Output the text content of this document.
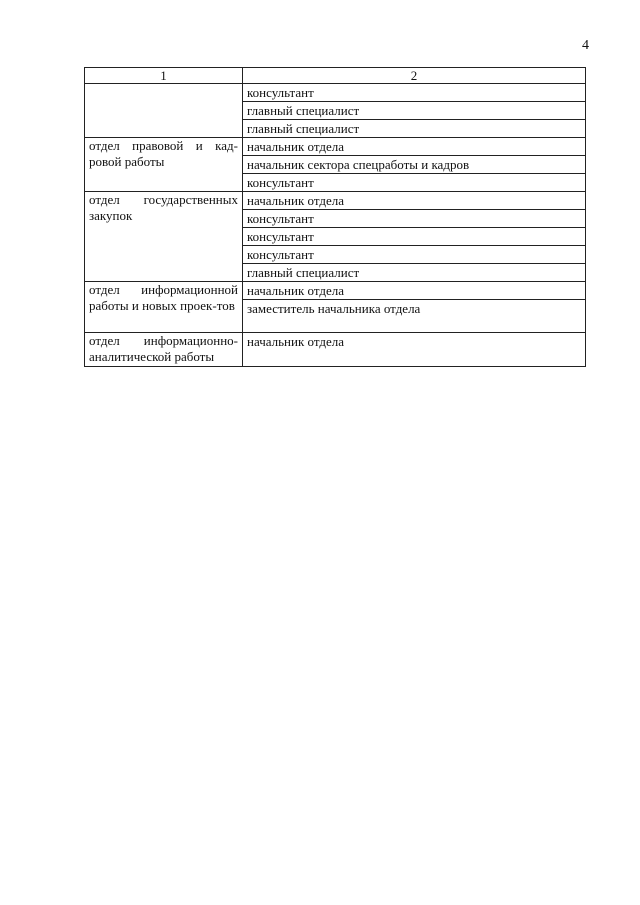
4
1	2
	консультант
	главный специалист
	главный специалист
отдел правовой и кад-ровой работы	начальник отдела
	начальник сектора спецработы и кадров
	консультант
отдел государственных закупок	начальник отдела
	консультант
	консультант
	консультант
	главный специалист
отдел информационной работы и новых проек-тов	начальник отдела
	заместитель начальника отдела
отдел информационно-аналитической работы	начальник отдела
